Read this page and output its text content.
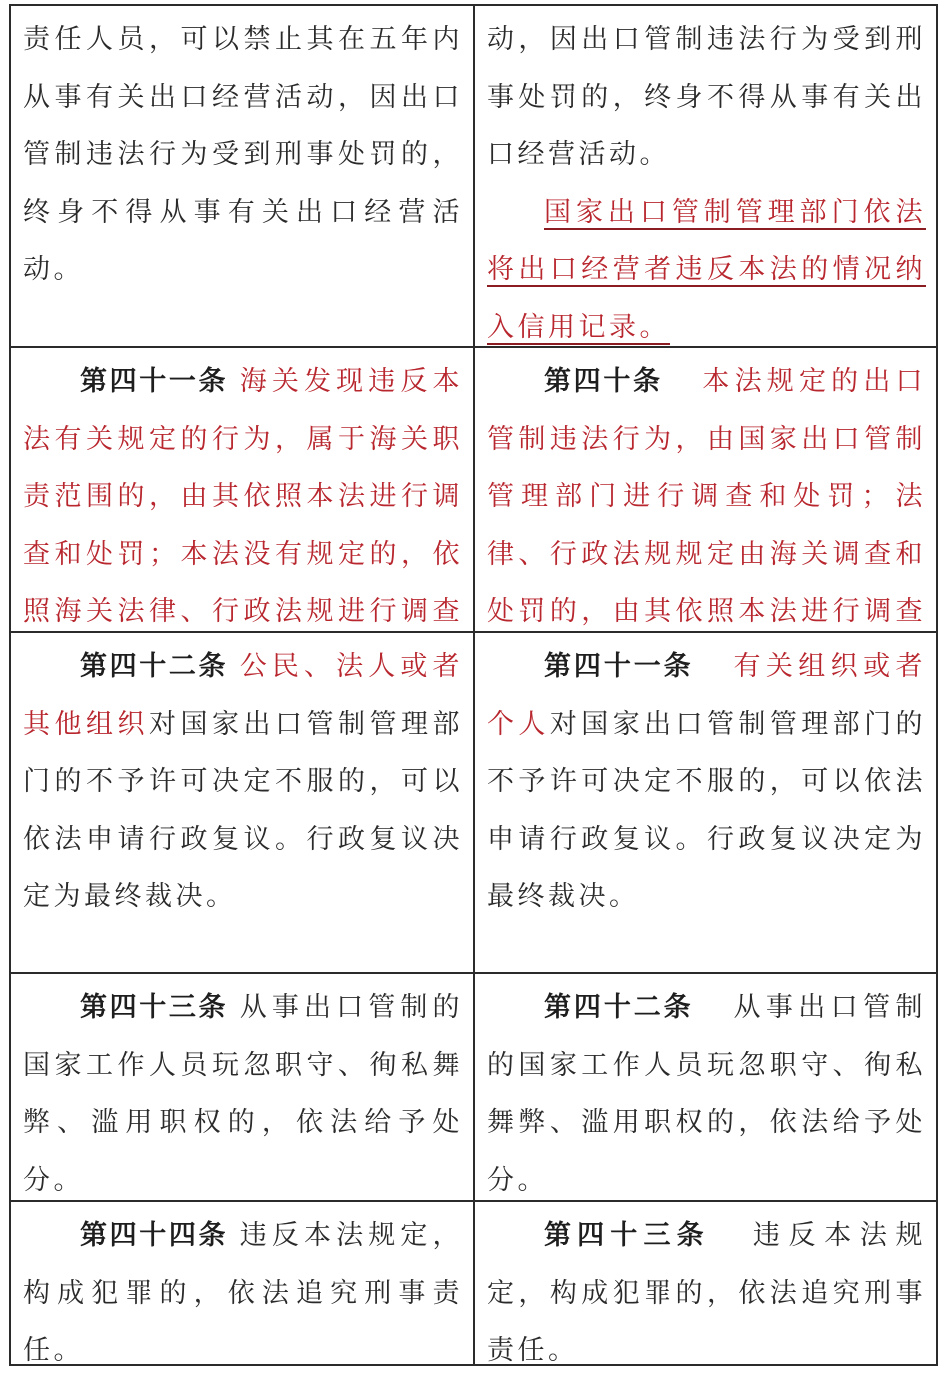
责任人员，可以禁止其在五年内从事有关出口经营活动，因出口管制违法行为受到刑事处罚的，终身不得从事有关出口经营活动。

动，因出口管制违法行为受到刑事处罚的，终身不得从事有关出口经营活动。

国家出口管制管理部门依法将出口经营者违反本法的情况纳入信用记录。

第四十一条 海关发现违反本法有关规定的行为，属于海关职责范围的，由其依照本法进行调查和处罚；本法没有规定的，依照海关法律、行政法规进行调查

第四十条 本法规定的出口管制违法行为，由国家出口管制管理部门进行调查和处罚；法律、行政法规规定由海关调查和处罚的，由其依照本法进行调查

第四十二条 公民、法人或者其他组织对国家出口管制管理部门的不予许可决定不服的，可以依法申请行政复议。行政复议决定为最终裁决。

第四十一条 有关组织或者个人对国家出口管制管理部门的不予许可决定不服的，可以依法申请行政复议。行政复议决定为最终裁决。

第四十三条 从事出口管制的国家工作人员玩忽职守、徇私舞弊、滥用职权的，依法给予处分。

第四十二条 从事出口管制的国家工作人员玩忽职守、徇私舞弊、滥用职权的，依法给予处分。

第四十四条 违反本法规定，构成犯罪的，依法追究刑事责任。

第四十三条 违反本法规定，构成犯罪的，依法追究刑事责任。
